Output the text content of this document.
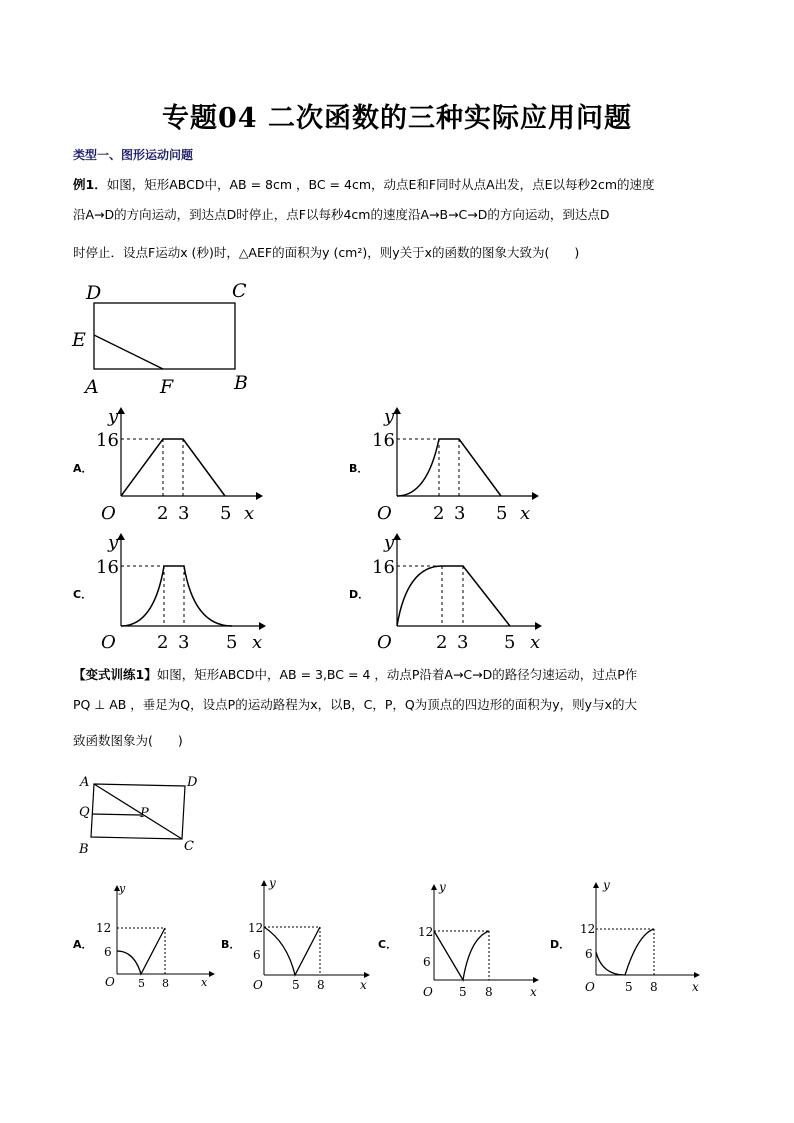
专题04 二次函数的三种实际应用问题
类型一、图形运动问题
例1．如图，矩形ABCD中，AB = 8cm ，BC = 4cm，动点E和F同时从点A出发，点E以每秒2cm的速度
沿A→D的方向运动，到达点D时停止，点F以每秒4cm的速度沿A→B→C→D的方向运动，到达点D
时停止．设点F运动x (秒)时，△AEF的面积为y (cm²)，则y关于x的函数的图象大致为(　　)
D	C
E
A	F	B
A．
y
16
O 2 3 5 x
B．
y
16
O 2 3 5 x
C．
y
16
O 2 3 5 x
D．
y
16
O 2 3 5 x
【变式训练1】如图，矩形ABCD中，AB = 3,BC = 4 ，动点P沿着A→C→D的路径匀速运动，过点P作
PQ ⊥ AB ，垂足为Q，设点P的运动路程为x，以B，C，P，Q为顶点的四边形的面积为y，则y与x的大
致函数图象为(　　)
A	D
Q	P
B	C
A．
y
12
6
O 5 8	x
B．
y
12
6
O 5 8	x
C．
y
12
6
O 5 8	x
D．
y
12
6
O	5 8	x
